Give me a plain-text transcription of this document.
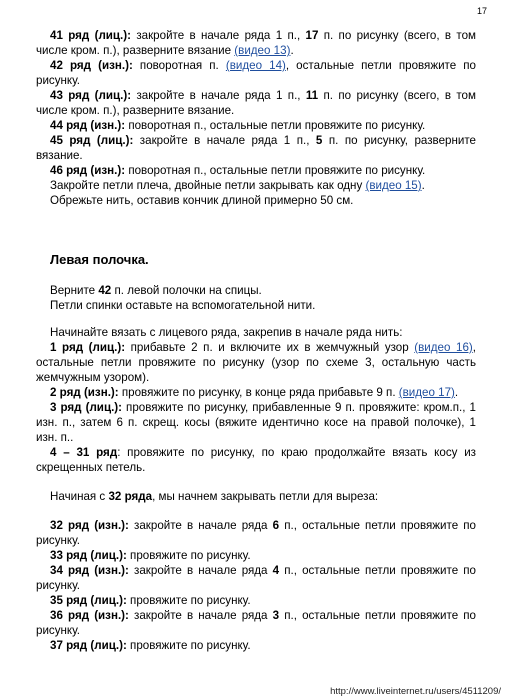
17

41 ряд (лиц.): закройте в начале ряда 1 п., 17 п. по рисунку (всего, в том числе кром. п.), разверните вязание (видео 13).

42 ряд (изн.): поворотная п. (видео 14), остальные петли провяжите по рисунку.

43 ряд (лиц.): закройте в начале ряда 1 п., 11 п. по рисунку (всего, в том числе кром. п.), разверните вязание.

44 ряд (изн.): поворотная п., остальные петли провяжите по рисунку.

45 ряд (лиц.): закройте в начале ряда 1 п., 5 п. по рисунку, разверните вязание.

46 ряд (изн.): поворотная п., остальные петли провяжите по рисунку.

Закройте петли плеча, двойные петли закрывать как одну (видео 15).

Обрежьте нить, оставив кончик длиной примерно 50 см.

Левая полочка.

Верните 42 п. левой полочки на спицы.

Петли спинки оставьте на вспомогательной нити.

Начинайте вязать с лицевого ряда, закрепив в начале ряда нить:

1 ряд (лиц.): прибавьте 2 п. и включите их в жемчужный узор (видео 16), остальные петли провяжите по рисунку (узор по схеме 3, остальную часть жемчужным узором).

2 ряд (изн.): провяжите по рисунку, в конце ряда прибавьте 9 п. (видео 17).

3 ряд (лиц.): провяжите по рисунку, прибавленные 9 п. провяжите: кром.п., 1 изн. п., затем 6 п. скрещ. косы (вяжите идентично косе на правой полочке), 1 изн. п..

4 – 31 ряд: провяжите по рисунку, по краю продолжайте вязать косу из скрещенных петель.

Начиная с 32 ряда, мы начнем закрывать петли для выреза:

32 ряд (изн.): закройте в начале ряда 6 п., остальные петли провяжите по рисунку.

33 ряд (лиц.): провяжите по рисунку.

34 ряд (изн.): закройте в начале ряда 4 п., остальные петли провяжите по рисунку.

35 ряд (лиц.): провяжите по рисунку.

36 ряд (изн.): закройте в начале ряда 3 п., остальные петли провяжите по рисунку.

37 ряд (лиц.): провяжите по рисунку.

http://www.liveinternet.ru/users/4511209/
